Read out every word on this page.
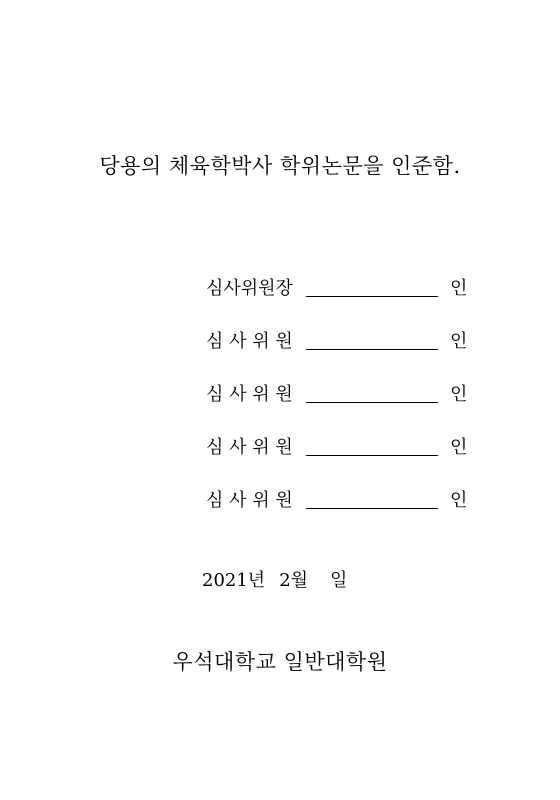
당용의 체육학박사 학위논문을 인준함.
심사위원장	인
심 사 위 원	인
심 사 위 원	인
심 사 위 원	인
심 사 위 원	인
2021년 2월 일
우석대학교 일반대학원
